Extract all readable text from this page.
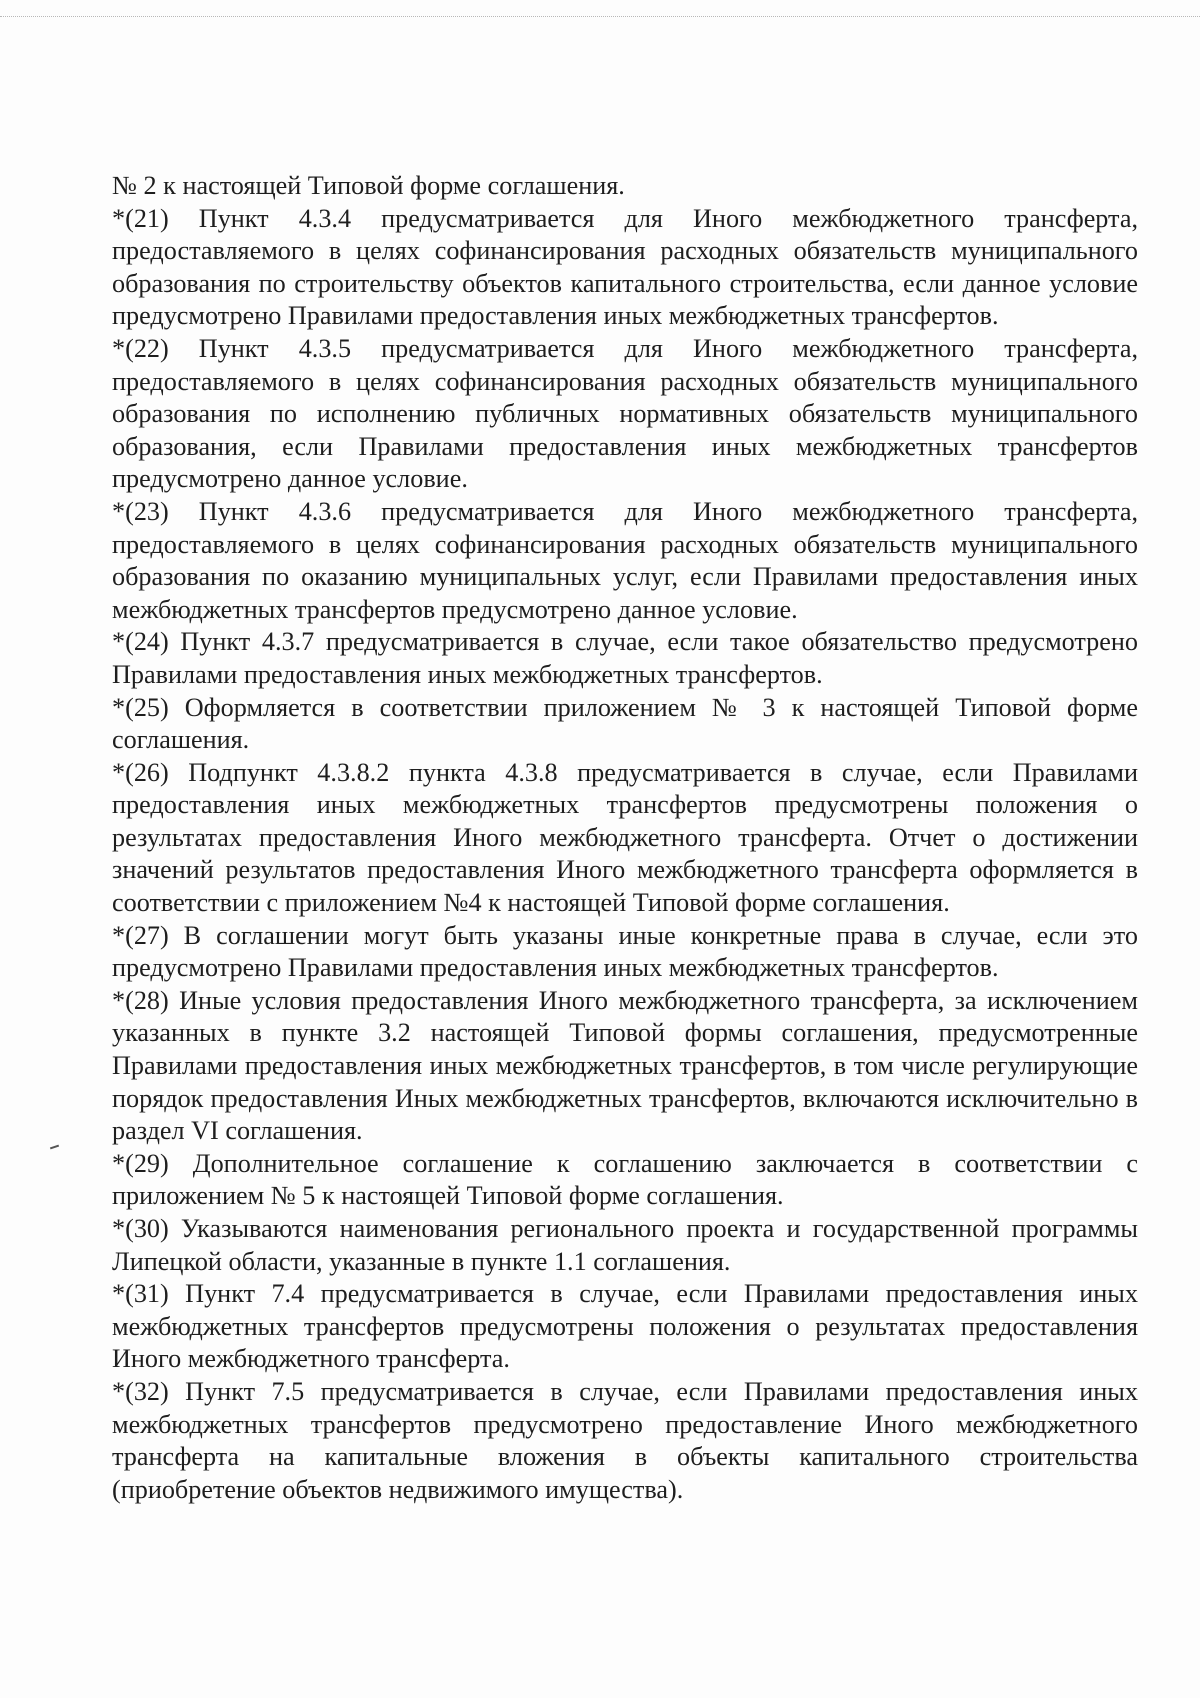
№ 2 к настоящей Типовой форме соглашения.

*(21) Пункт 4.3.4 предусматривается для Иного межбюджетного трансферта, предоставляемого в целях софинансирования расходных обязательств муниципального образования по строительству объектов капитального строительства, если данное условие предусмотрено Правилами предоставления иных межбюджетных трансфертов.

*(22) Пункт 4.3.5 предусматривается для Иного межбюджетного трансферта, предоставляемого в целях софинансирования расходных обязательств муниципального образования по исполнению публичных нормативных обязательств муниципального образования, если Правилами предоставления иных межбюджетных трансфертов предусмотрено данное условие.

*(23) Пункт 4.3.6 предусматривается для Иного межбюджетного трансферта, предоставляемого в целях софинансирования расходных обязательств муниципального образования по оказанию муниципальных услуг, если Правилами предоставления иных межбюджетных трансфертов предусмотрено данное условие.

*(24) Пункт 4.3.7 предусматривается в случае, если такое обязательство предусмотрено Правилами предоставления иных межбюджетных трансфертов.

*(25) Оформляется в соответствии приложением № 3 к настоящей Типовой форме соглашения.

*(26) Подпункт 4.3.8.2 пункта 4.3.8 предусматривается в случае, если Правилами предоставления иных межбюджетных трансфертов предусмотрены положения о результатах предоставления Иного межбюджетного трансферта. Отчет о достижении значений результатов предоставления Иного межбюджетного трансферта оформляется в соответствии с приложением №4 к настоящей Типовой форме соглашения.

*(27) В соглашении могут быть указаны иные конкретные права в случае, если это предусмотрено Правилами предоставления иных межбюджетных трансфертов.

*(28) Иные условия предоставления Иного межбюджетного трансферта, за исключением указанных в пункте 3.2 настоящей Типовой формы соглашения, предусмотренные Правилами предоставления иных межбюджетных трансфертов, в том числе регулирующие порядок предоставления Иных межбюджетных трансфертов, включаются исключительно в раздел VI соглашения.

*(29) Дополнительное соглашение к соглашению заключается в соответствии с приложением № 5 к настоящей Типовой форме соглашения.

*(30) Указываются наименования регионального проекта и государственной программы Липецкой области, указанные в пункте 1.1 соглашения.

*(31) Пункт 7.4 предусматривается в случае, если Правилами предоставления иных межбюджетных трансфертов предусмотрены положения о результатах предоставления Иного межбюджетного трансферта.

*(32) Пункт 7.5 предусматривается в случае, если Правилами предоставления иных межбюджетных трансфертов предусмотрено предоставление Иного межбюджетного трансферта на капитальные вложения в объекты капитального строительства (приобретение объектов недвижимого имущества).
